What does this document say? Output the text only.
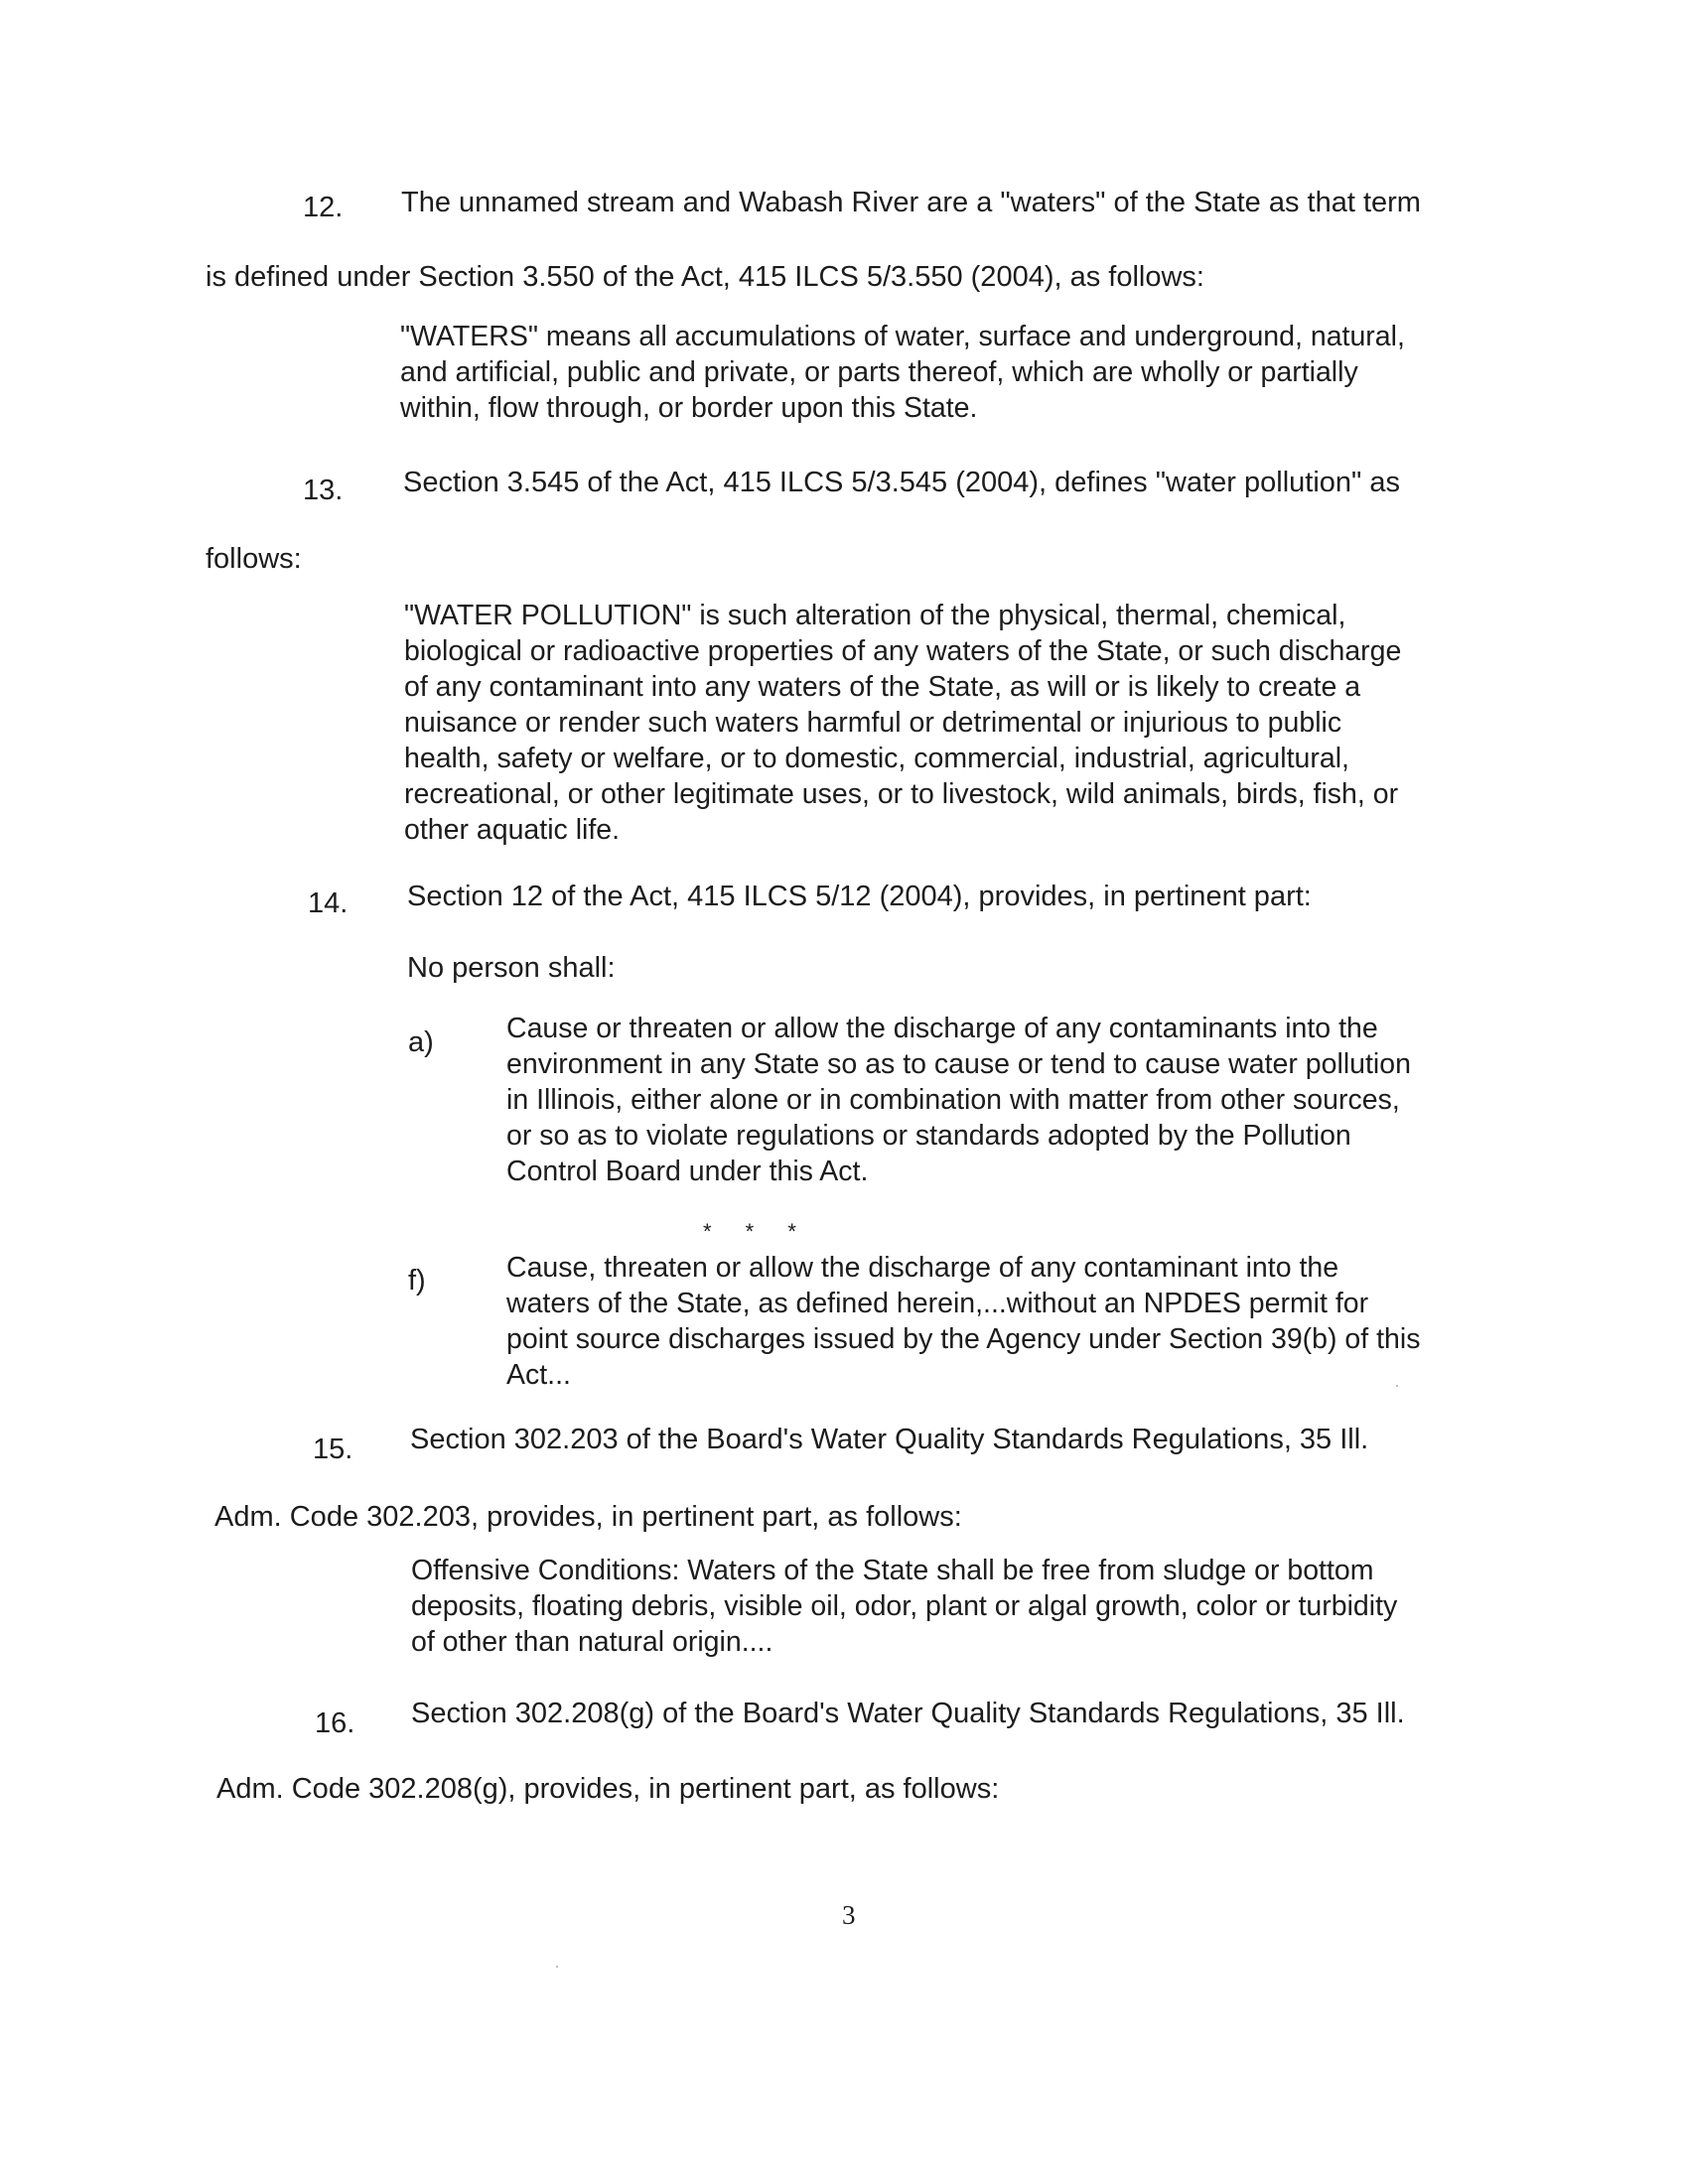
12. The unnamed stream and Wabash River are a "waters" of the State as that term
is defined under Section 3.550 of the Act, 415 ILCS 5/3.550 (2004), as follows:
"WATERS" means all accumulations of water, surface and underground, natural,
and artificial, public and private, or parts thereof, which are wholly or partially
within, flow through, or border upon this State.
13. Section 3.545 of the Act, 415 ILCS 5/3.545 (2004), defines "water pollution" as
follows:
"WATER POLLUTION" is such alteration of the physical, thermal, chemical,
biological or radioactive properties of any waters of the State, or such discharge
of any contaminant into any waters of the State, as will or is likely to create a
nuisance or render such waters harmful or detrimental or injurious to public
health, safety or welfare, or to domestic, commercial, industrial, agricultural,
recreational, or other legitimate uses, or to livestock, wild animals, birds, fish, or
other aquatic life.
14. Section 12 of the Act, 415 ILCS 5/12 (2004), provides, in pertinent part:
No person shall:
a)	Cause or threaten or allow the discharge of any contaminants into the
environment in any State so as to cause or tend to cause water pollution
in Illinois, either alone or in combination with matter from other sources,
or so as to violate regulations or standards adopted by the Pollution
Control Board under this Act.
* * *
f)	Cause, threaten or allow the discharge of any contaminant into the
waters of the State, as defined herein,...without an NPDES permit for
point source discharges issued by the Agency under Section 39(b) of this
Act...
15. Section 302.203 of the Board's Water Quality Standards Regulations, 35 Ill.
Adm. Code 302.203, provides, in pertinent part, as follows:
Offensive Conditions: Waters of the State shall be free from sludge or bottom
deposits, floating debris, visible oil, odor, plant or algal growth, color or turbidity
of other than natural origin....
16. Section 302.208(g) of the Board's Water Quality Standards Regulations, 35 Ill.
Adm. Code 302.208(g), provides, in pertinent part, as follows:
3
